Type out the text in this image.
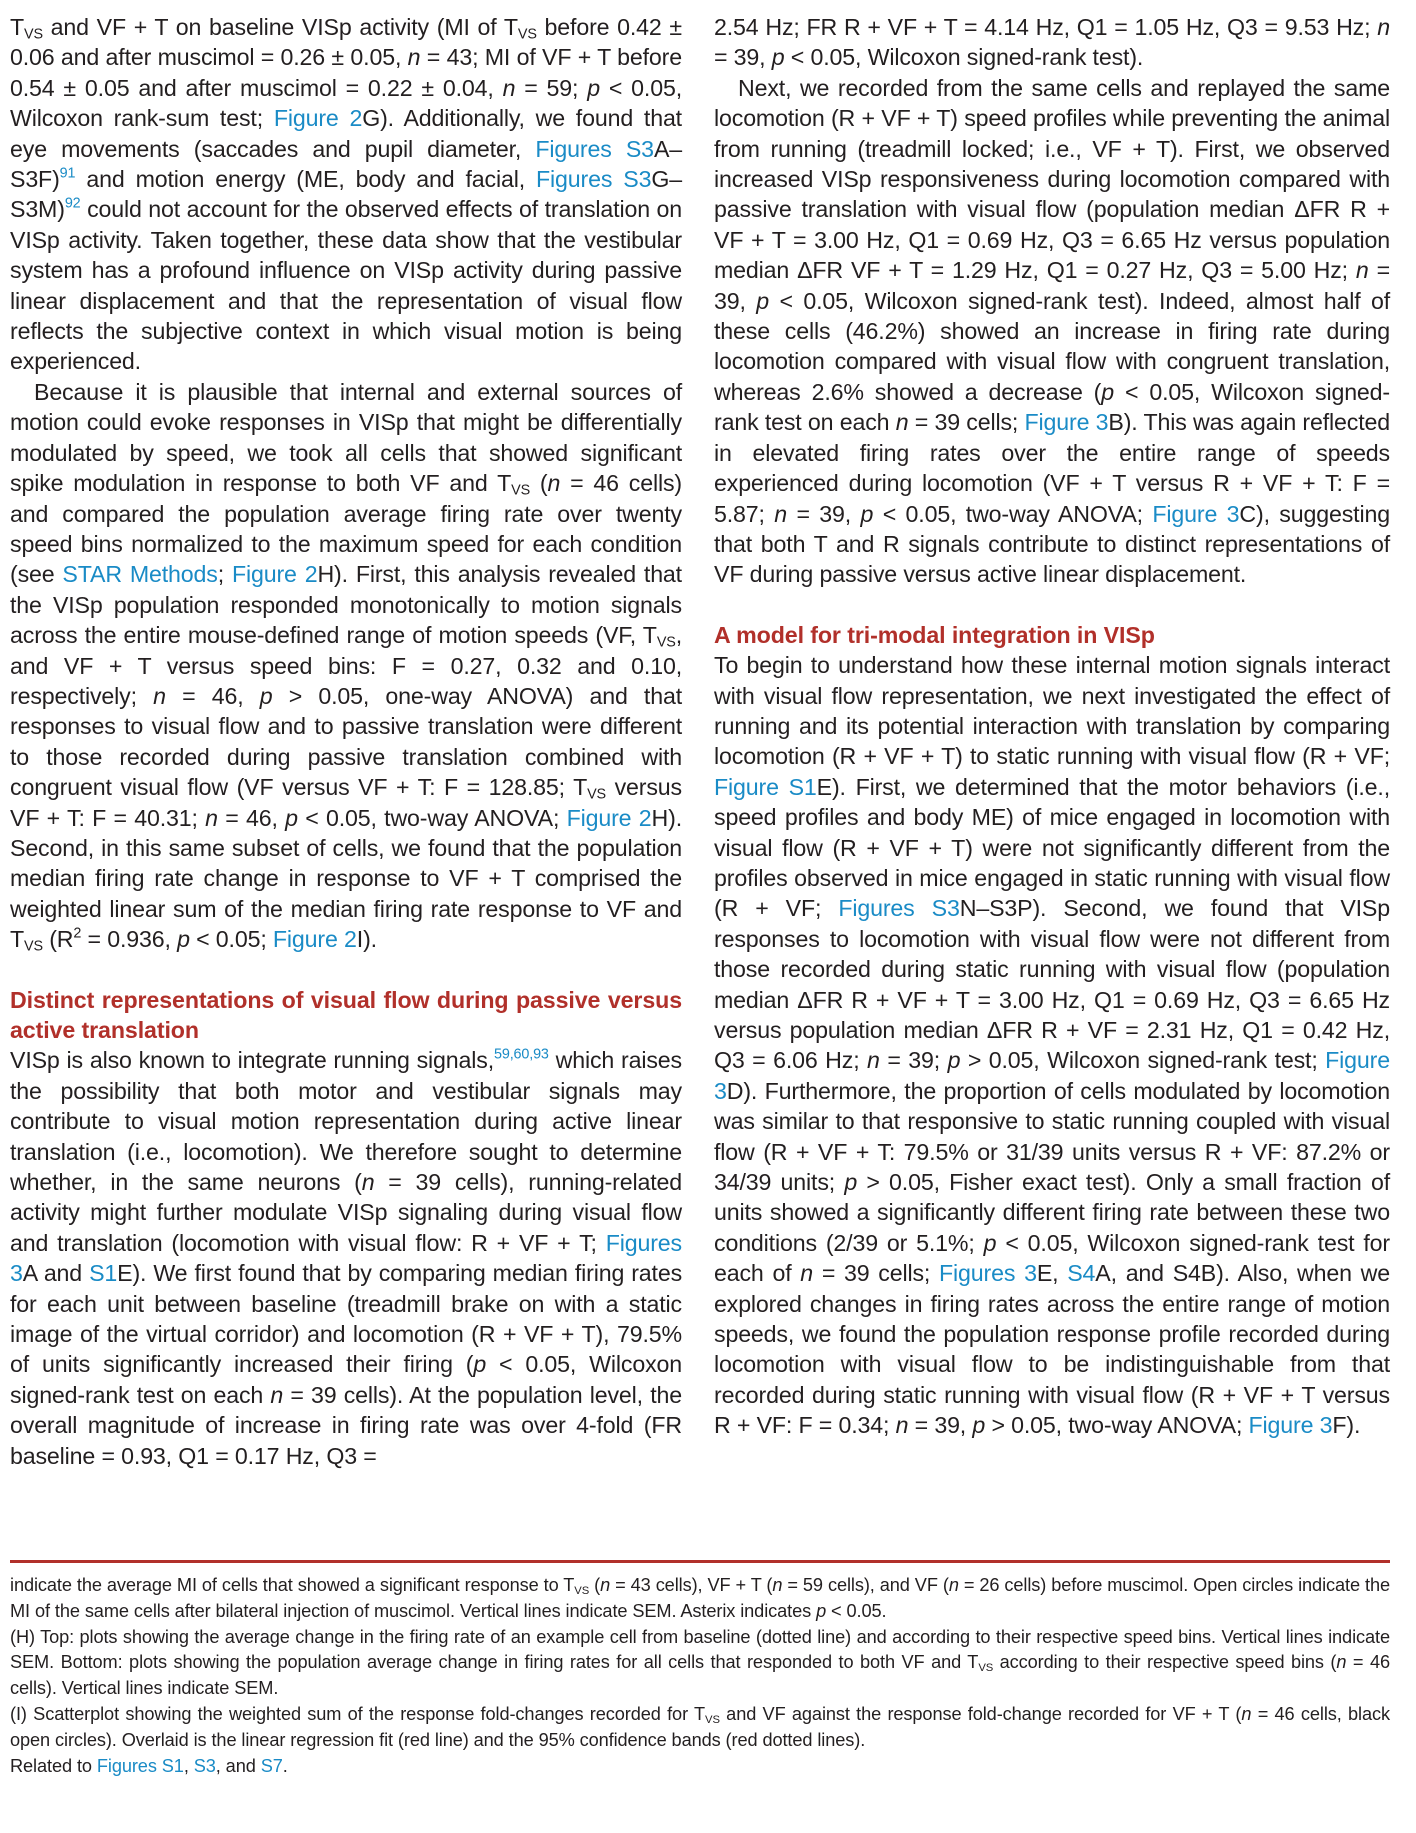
$T_{VS}$ and VF + T on baseline VISp activity (MI of $T_{VS}$ before 0.42 ± 0.06 and after muscimol = 0.26 ± 0.05, n = 43; MI of VF + T before 0.54 ± 0.05 and after muscimol = 0.22 ± 0.04, n = 59; p < 0.05, Wilcoxon rank-sum test; Figure 2G). Additionally, we found that eye movements (saccades and pupil diameter, Figures S3A–S3F)$^{91}$ and motion energy (ME, body and facial, Figures S3G–S3M)$^{92}$ could not account for the observed effects of translation on VISp activity. Taken together, these data show that the vestibular system has a profound influence on VISp activity during passive linear displacement and that the representation of visual flow reflects the subjective context in which visual motion is being experienced.

Because it is plausible that internal and external sources of motion could evoke responses in VISp that might be differentially modulated by speed, we took all cells that showed significant spike modulation in response to both VF and $T_{VS}$ (n = 46 cells) and compared the population average firing rate over twenty speed bins normalized to the maximum speed for each condition (see STAR Methods; Figure 2H). First, this analysis revealed that the VISp population responded monotonically to motion signals across the entire mouse-defined range of motion speeds (VF, $T_{VS}$, and VF + T versus speed bins: F = 0.27, 0.32 and 0.10, respectively; n = 46, p > 0.05, one-way ANOVA) and that responses to visual flow and to passive translation were different to those recorded during passive translation combined with congruent visual flow (VF versus VF + T: F = 128.85; $T_{VS}$ versus VF + T: F = 40.31; n = 46, p < 0.05, two-way ANOVA; Figure 2H). Second, in this same subset of cells, we found that the population median firing rate change in response to VF + T comprised the weighted linear sum of the median firing rate response to VF and $T_{VS}$ ($R^2 = 0.936$, p < 0.05; Figure 2I).

Distinct representations of visual flow during passive versus active translation

VISp is also known to integrate running signals,$^{59,60,93}$ which raises the possibility that both motor and vestibular signals may contribute to visual motion representation during active linear translation (i.e., locomotion). We therefore sought to determine whether, in the same neurons (n = 39 cells), running-related activity might further modulate VISp signaling during visual flow and translation (locomotion with visual flow: R + VF + T; Figures 3A and S1E). We first found that by comparing median firing rates for each unit between baseline (treadmill brake on with a static image of the virtual corridor) and locomotion (R + VF + T), 79.5% of units significantly increased their firing (p < 0.05, Wilcoxon signed-rank test on each n = 39 cells). At the population level, the overall magnitude of increase in firing rate was over 4-fold (FR baseline = 0.93, Q1 = 0.17 Hz, Q3 =

2.54 Hz; FR R + VF + T = 4.14 Hz, Q1 = 1.05 Hz, Q3 = 9.53 Hz; n = 39, p < 0.05, Wilcoxon signed-rank test).

Next, we recorded from the same cells and replayed the same locomotion (R + VF + T) speed profiles while preventing the animal from running (treadmill locked; i.e., VF + T). First, we observed increased VISp responsiveness during locomotion compared with passive translation with visual flow (population median ΔFR R + VF + T = 3.00 Hz, Q1 = 0.69 Hz, Q3 = 6.65 Hz versus population median ΔFR VF + T = 1.29 Hz, Q1 = 0.27 Hz, Q3 = 5.00 Hz; n = 39, p < 0.05, Wilcoxon signed-rank test). Indeed, almost half of these cells (46.2%) showed an increase in firing rate during locomotion compared with visual flow with congruent translation, whereas 2.6% showed a decrease (p < 0.05, Wilcoxon signed-rank test on each n = 39 cells; Figure 3B). This was again reflected in elevated firing rates over the entire range of speeds experienced during locomotion (VF + T versus R + VF + T: F = 5.87; n = 39, p < 0.05, two-way ANOVA; Figure 3C), suggesting that both T and R signals contribute to distinct representations of VF during passive versus active linear displacement.

A model for tri-modal integration in VISp

To begin to understand how these internal motion signals interact with visual flow representation, we next investigated the effect of running and its potential interaction with translation by comparing locomotion (R + VF + T) to static running with visual flow (R + VF; Figure S1E). First, we determined that the motor behaviors (i.e., speed profiles and body ME) of mice engaged in locomotion with visual flow (R + VF + T) were not significantly different from the profiles observed in mice engaged in static running with visual flow (R + VF; Figures S3N–S3P). Second, we found that VISp responses to locomotion with visual flow were not different from those recorded during static running with visual flow (population median ΔFR R + VF + T = 3.00 Hz, Q1 = 0.69 Hz, Q3 = 6.65 Hz versus population median ΔFR R + VF = 2.31 Hz, Q1 = 0.42 Hz, Q3 = 6.06 Hz; n = 39; p > 0.05, Wilcoxon signed-rank test; Figure 3D). Furthermore, the proportion of cells modulated by locomotion was similar to that responsive to static running coupled with visual flow (R + VF + T: 79.5% or 31/39 units versus R + VF: 87.2% or 34/39 units; p > 0.05, Fisher exact test). Only a small fraction of units showed a significantly different firing rate between these two conditions (2/39 or 5.1%; p < 0.05, Wilcoxon signed-rank test for each of n = 39 cells; Figures 3E, S4A, and S4B). Also, when we explored changes in firing rates across the entire range of motion speeds, we found the population response profile recorded during locomotion with visual flow to be indistinguishable from that recorded during static running with visual flow (R + VF + T versus R + VF: F = 0.34; n = 39, p > 0.05, two-way ANOVA; Figure 3F).

indicate the average MI of cells that showed a significant response to $T_{VS}$ (n = 43 cells), VF + T (n = 59 cells), and VF (n = 26 cells) before muscimol. Open circles indicate the MI of the same cells after bilateral injection of muscimol. Vertical lines indicate SEM. Asterix indicates p < 0.05.

(H) Top: plots showing the average change in the firing rate of an example cell from baseline (dotted line) and according to their respective speed bins. Vertical lines indicate SEM. Bottom: plots showing the population average change in firing rates for all cells that responded to both VF and $T_{VS}$ according to their respective speed bins (n = 46 cells). Vertical lines indicate SEM.

(I) Scatterplot showing the weighted sum of the response fold-changes recorded for $T_{VS}$ and VF against the response fold-change recorded for VF + T (n = 46 cells, black open circles). Overlaid is the linear regression fit (red line) and the 95% confidence bands (red dotted lines).

Related to Figures S1, S3, and S7.
